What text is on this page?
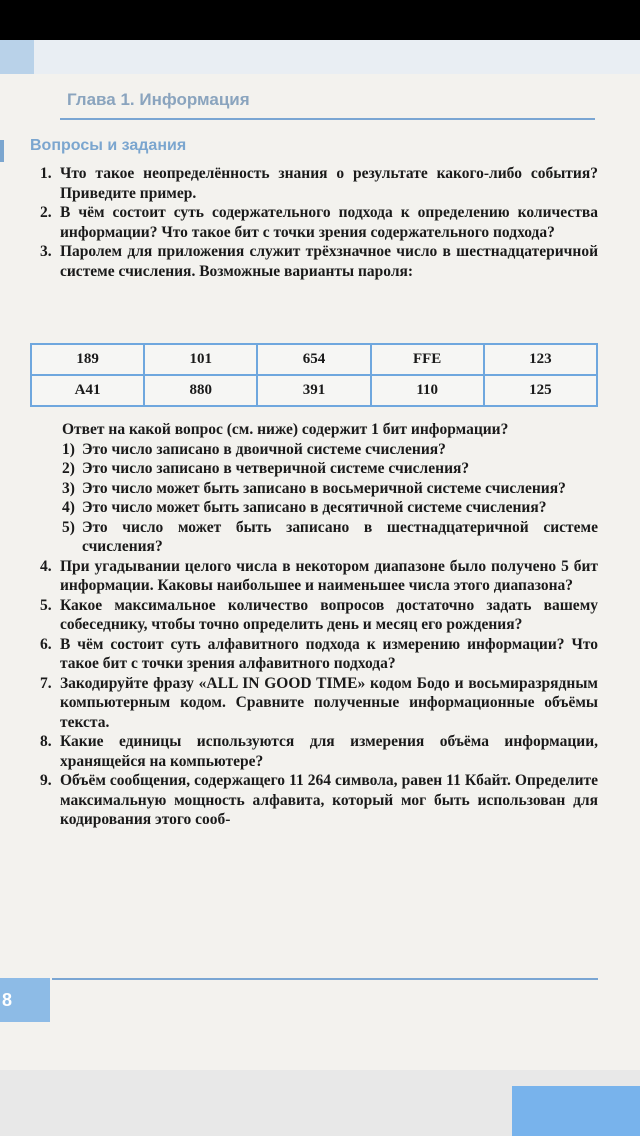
Глава 1. Информация
Вопросы и задания
1. Что такое неопределённость знания о результате какого-либо события? Приведите пример.
2. В чём состоит суть содержательного подхода к определению количества информации? Что такое бит с точки зрения содержательного подхода?
3. Паролем для приложения служит трёхзначное число в шестнадцатеричной системе счисления. Возможные варианты пароля:
189	101	654	FFE	123
A41	880	391	110	125
Ответ на какой вопрос (см. ниже) содержит 1 бит информации?
1) Это число записано в двоичной системе счисления?
2) Это число записано в четверичной системе счисления?
3) Это число может быть записано в восьмеричной системе счисления?
4) Это число может быть записано в десятичной системе счисления?
5) Это число может быть записано в шестнадцатеричной системе счисления?
4. При угадывании целого числа в некотором диапазоне было получено 5 бит информации. Каковы наибольшее и наименьшее числа этого диапазона?
5. Какое максимальное количество вопросов достаточно задать вашему собеседнику, чтобы точно определить день и месяц его рождения?
6. В чём состоит суть алфавитного подхода к измерению информации? Что такое бит с точки зрения алфавитного подхода?
7. Закодируйте фразу «ALL IN GOOD TIME» кодом Бодо и восьмиразрядным компьютерным кодом. Сравните полученные информационные объёмы текста.
8. Какие единицы используются для измерения объёма информации, хранящейся на компьютере?
9. Объём сообщения, содержащего 11 264 символа, равен 11 Кбайт. Определите максимальную мощность алфавита, который мог быть использован для кодирования этого сооб-
8
